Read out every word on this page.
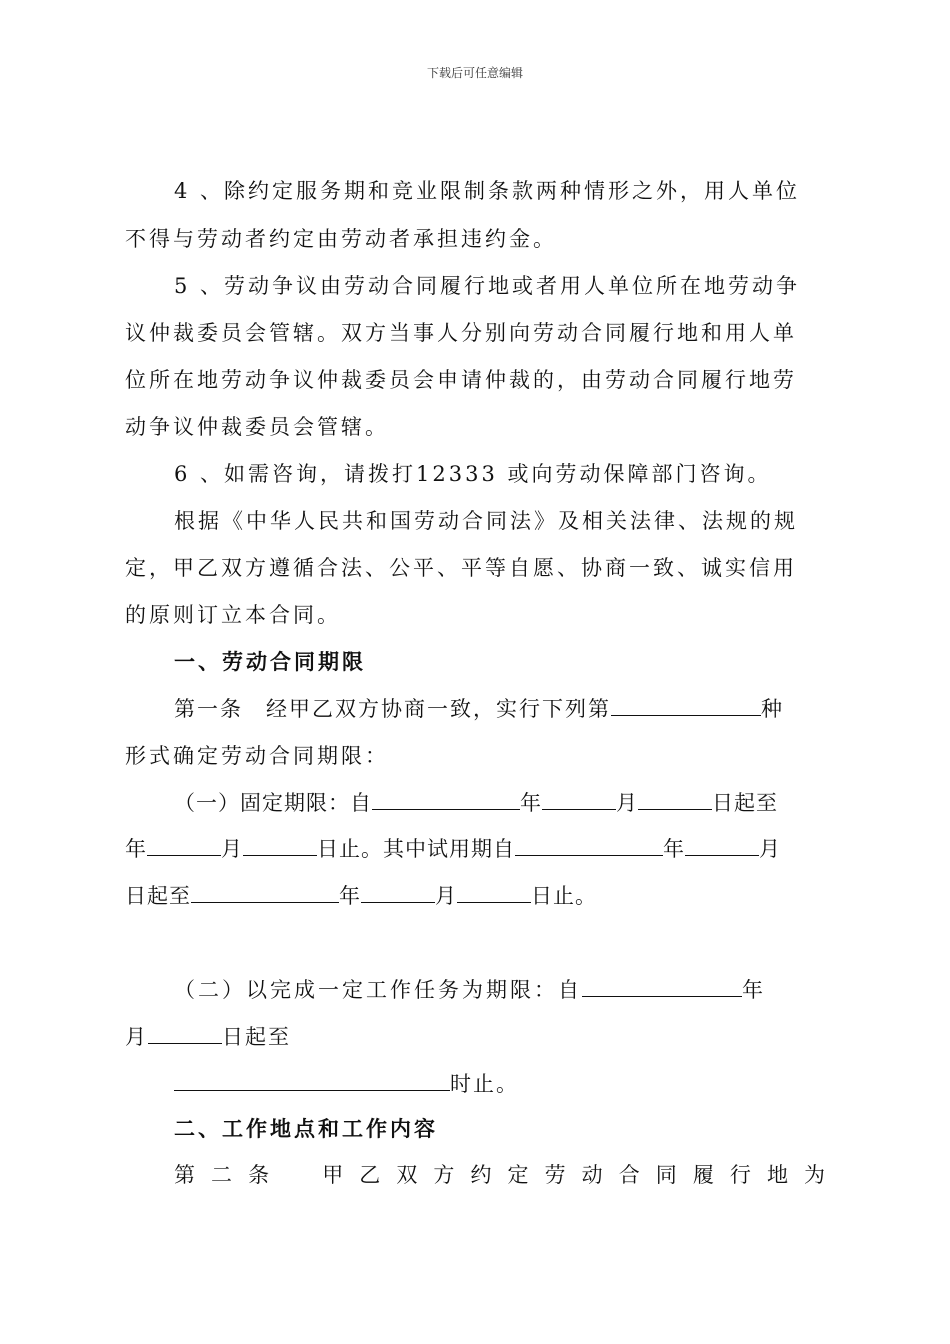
下载后可任意编辑
4 、除约定服务期和竞业限制条款两种情形之外，用人单位
不得与劳动者约定由劳动者承担违约金。
5 、劳动争议由劳动合同履行地或者用人单位所在地劳动争
议仲裁委员会管辖。双方当事人分别向劳动合同履行地和用人单
位所在地劳动争议仲裁委员会申请仲裁的，由劳动合同履行地劳
动争议仲裁委员会管辖。
6 、如需咨询，请拨打12333 或向劳动保障部门咨询。
根据《中华人民共和国劳动合同法》及相关法律、法规的规
定，甲乙双方遵循合法、公平、平等自愿、协商一致、诚实信用
的原则订立本合同。
一、劳动合同期限
第一条　经甲乙双方协商一致，实行下列第	种
形式确定劳动合同期限：
（一）固定期限：自	年	月	日起至
年	月	日止。其中试用期自	年	月
日起至	年	月	日止。
（二）以完成一定工作任务为期限：自	年
月	日起至
时止。
二、工作地点和工作内容
第二条　甲乙双方约定劳动合同履行地为
